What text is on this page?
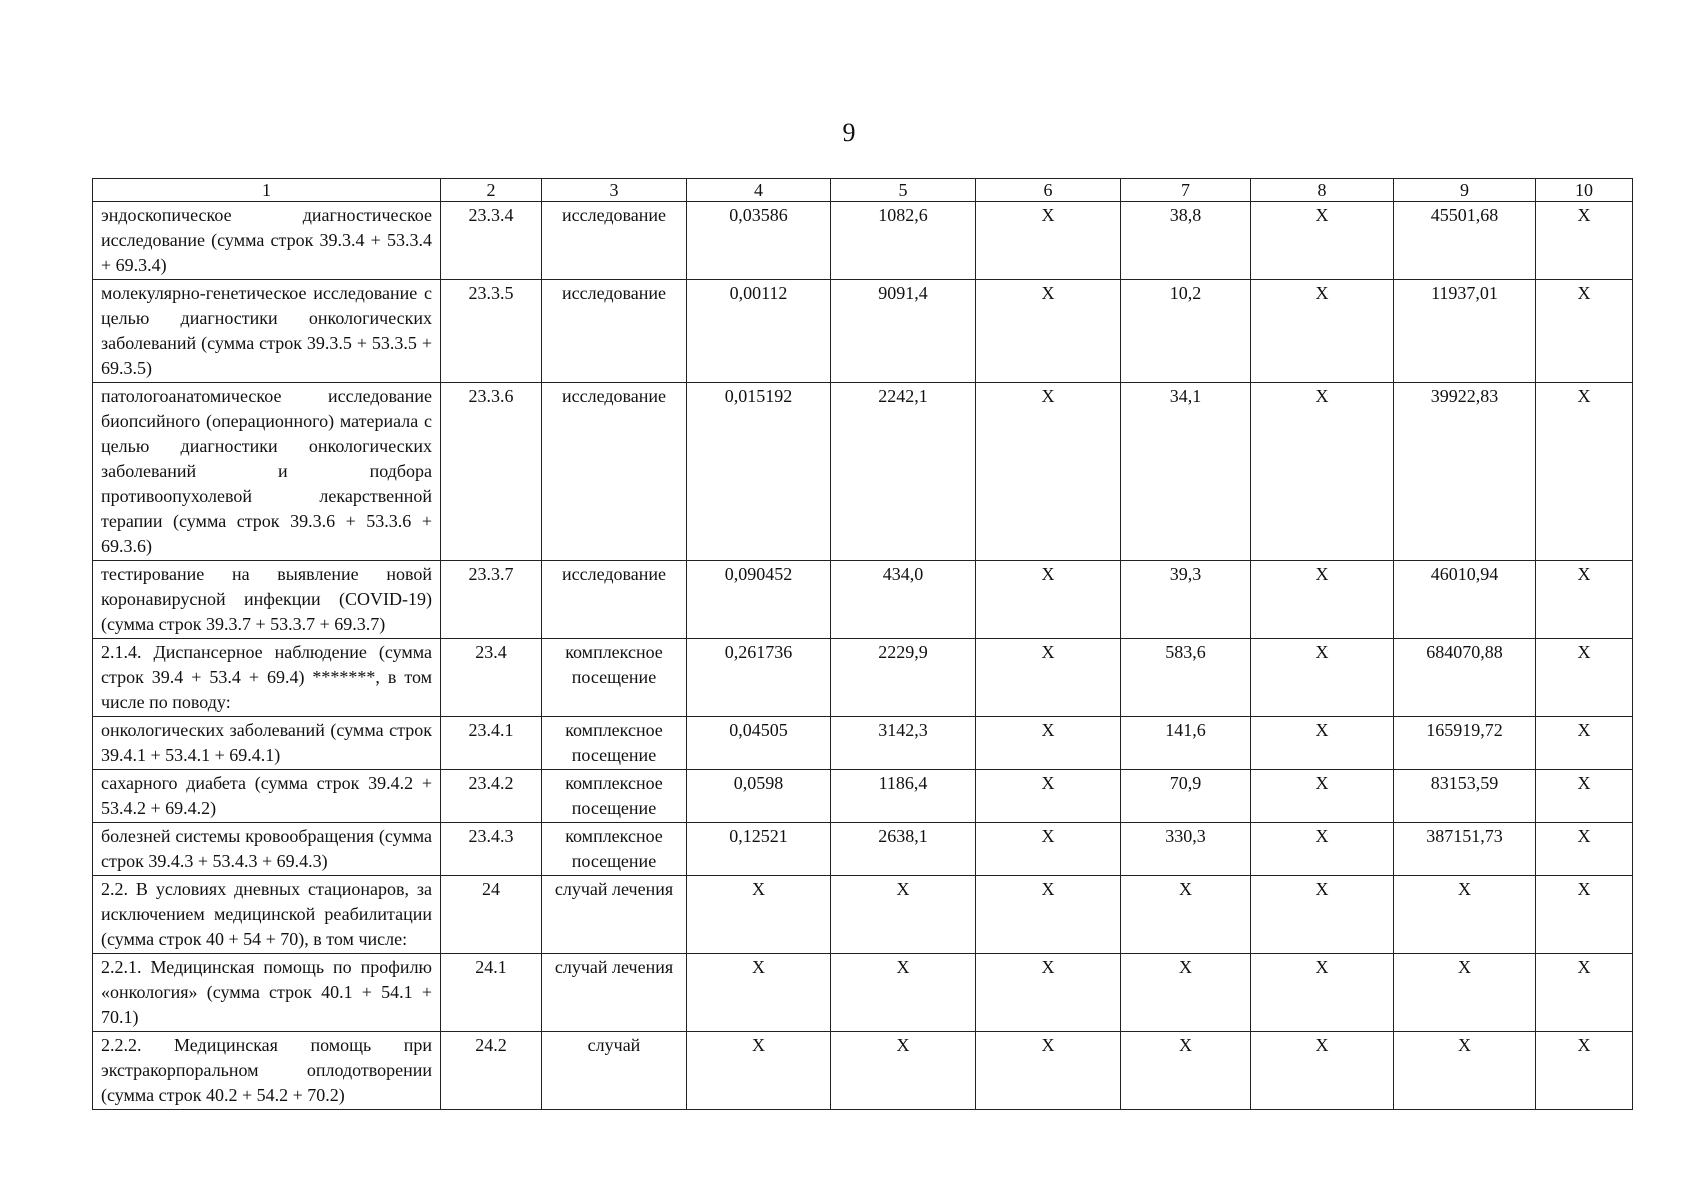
9
1	2	3	4	5	6	7	8	9	10
эндоскопическое диагностическое исследование (сумма строк 39.3.4 + 53.3.4 + 69.3.4)	23.3.4	исследование	0,03586	1082,6	Х	38,8	Х	45501,68	Х
молекулярно-генетическое исследование с целью диагностики онкологических заболеваний (сумма строк 39.3.5 + 53.3.5 + 69.3.5)	23.3.5	исследование	0,00112	9091,4	Х	10,2	Х	11937,01	Х
патологоанатомическое исследование биопсийного (операционного) материала с целью диагностики онкологических заболеваний и подбора противоопухолевой лекарственной терапии (сумма строк 39.3.6 + 53.3.6 + 69.3.6)	23.3.6	исследование	0,015192	2242,1	Х	34,1	Х	39922,83	Х
тестирование на выявление новой коронавирусной инфекции (COVID-19) (сумма строк 39.3.7 + 53.3.7 + 69.3.7)	23.3.7	исследование	0,090452	434,0	Х	39,3	Х	46010,94	Х
2.1.4. Диспансерное наблюдение (сумма строк 39.4 + 53.4 + 69.4) *******, в том числе по поводу:	23.4	комплексное посещение	0,261736	2229,9	Х	583,6	Х	684070,88	Х
онкологических заболеваний (сумма строк 39.4.1 + 53.4.1 + 69.4.1)	23.4.1	комплексное посещение	0,04505	3142,3	Х	141,6	Х	165919,72	Х
сахарного диабета (сумма строк 39.4.2 + 53.4.2 + 69.4.2)	23.4.2	комплексное посещение	0,0598	1186,4	Х	70,9	Х	83153,59	Х
болезней системы кровообращения (сумма строк 39.4.3 + 53.4.3 + 69.4.3)	23.4.3	комплексное посещение	0,12521	2638,1	Х	330,3	Х	387151,73	Х
2.2. В условиях дневных стационаров, за исключением медицинской реабилитации (сумма строк 40 + 54 + 70), в том числе:	24	случай лечения	Х	Х	Х	Х	Х	Х	Х
2.2.1. Медицинская помощь по профилю «онкология» (сумма строк 40.1 + 54.1 + 70.1)	24.1	случай лечения	Х	Х	Х	Х	Х	Х	Х
2.2.2. Медицинская помощь при экстракорпоральном оплодотворении (сумма строк 40.2 + 54.2 + 70.2)	24.2	случай	Х	Х	Х	Х	Х	Х	Х
